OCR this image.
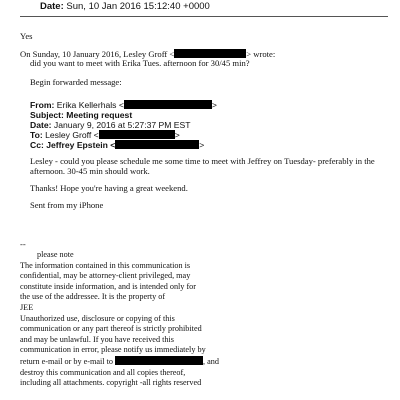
Date: Sun, 10 Jan 2016 15:12:40 +0000
Yes
On Sunday, 10 January 2016, Lesley Groff <	> wrote:
did you want to meet with Erika Tues. afternoon for 30/45 min?
Begin forwarded message:
From: Erika Kellerhals <	>
Subject: Meeting request
Date: January 9, 2016 at 5:27:37 PM EST
To: Lesley Groff <	>
Cc: Jeffrey Epstein <	>
Lesley - could you please schedule me some time to meet with Jeffrey on Tuesday- preferably in the
afternoon. 30-45 min should work.
Thanks! Hope you're having a great weekend.
Sent from my iPhone
--
please note
The information contained in this communication is
confidential, may be attorney-client privileged, may
constitute inside information, and is intended only for
the use of the addressee. It is the property of
JEE
Unauthorized use, disclosure or copying of this
communication or any part thereof is strictly prohibited
and may be unlawful. If you have received this
communication in error, please notify us immediately by
return e-mail or by e-mail to	, and
destroy this communication and all copies thereof,
including all attachments. copyright -all rights reserved
